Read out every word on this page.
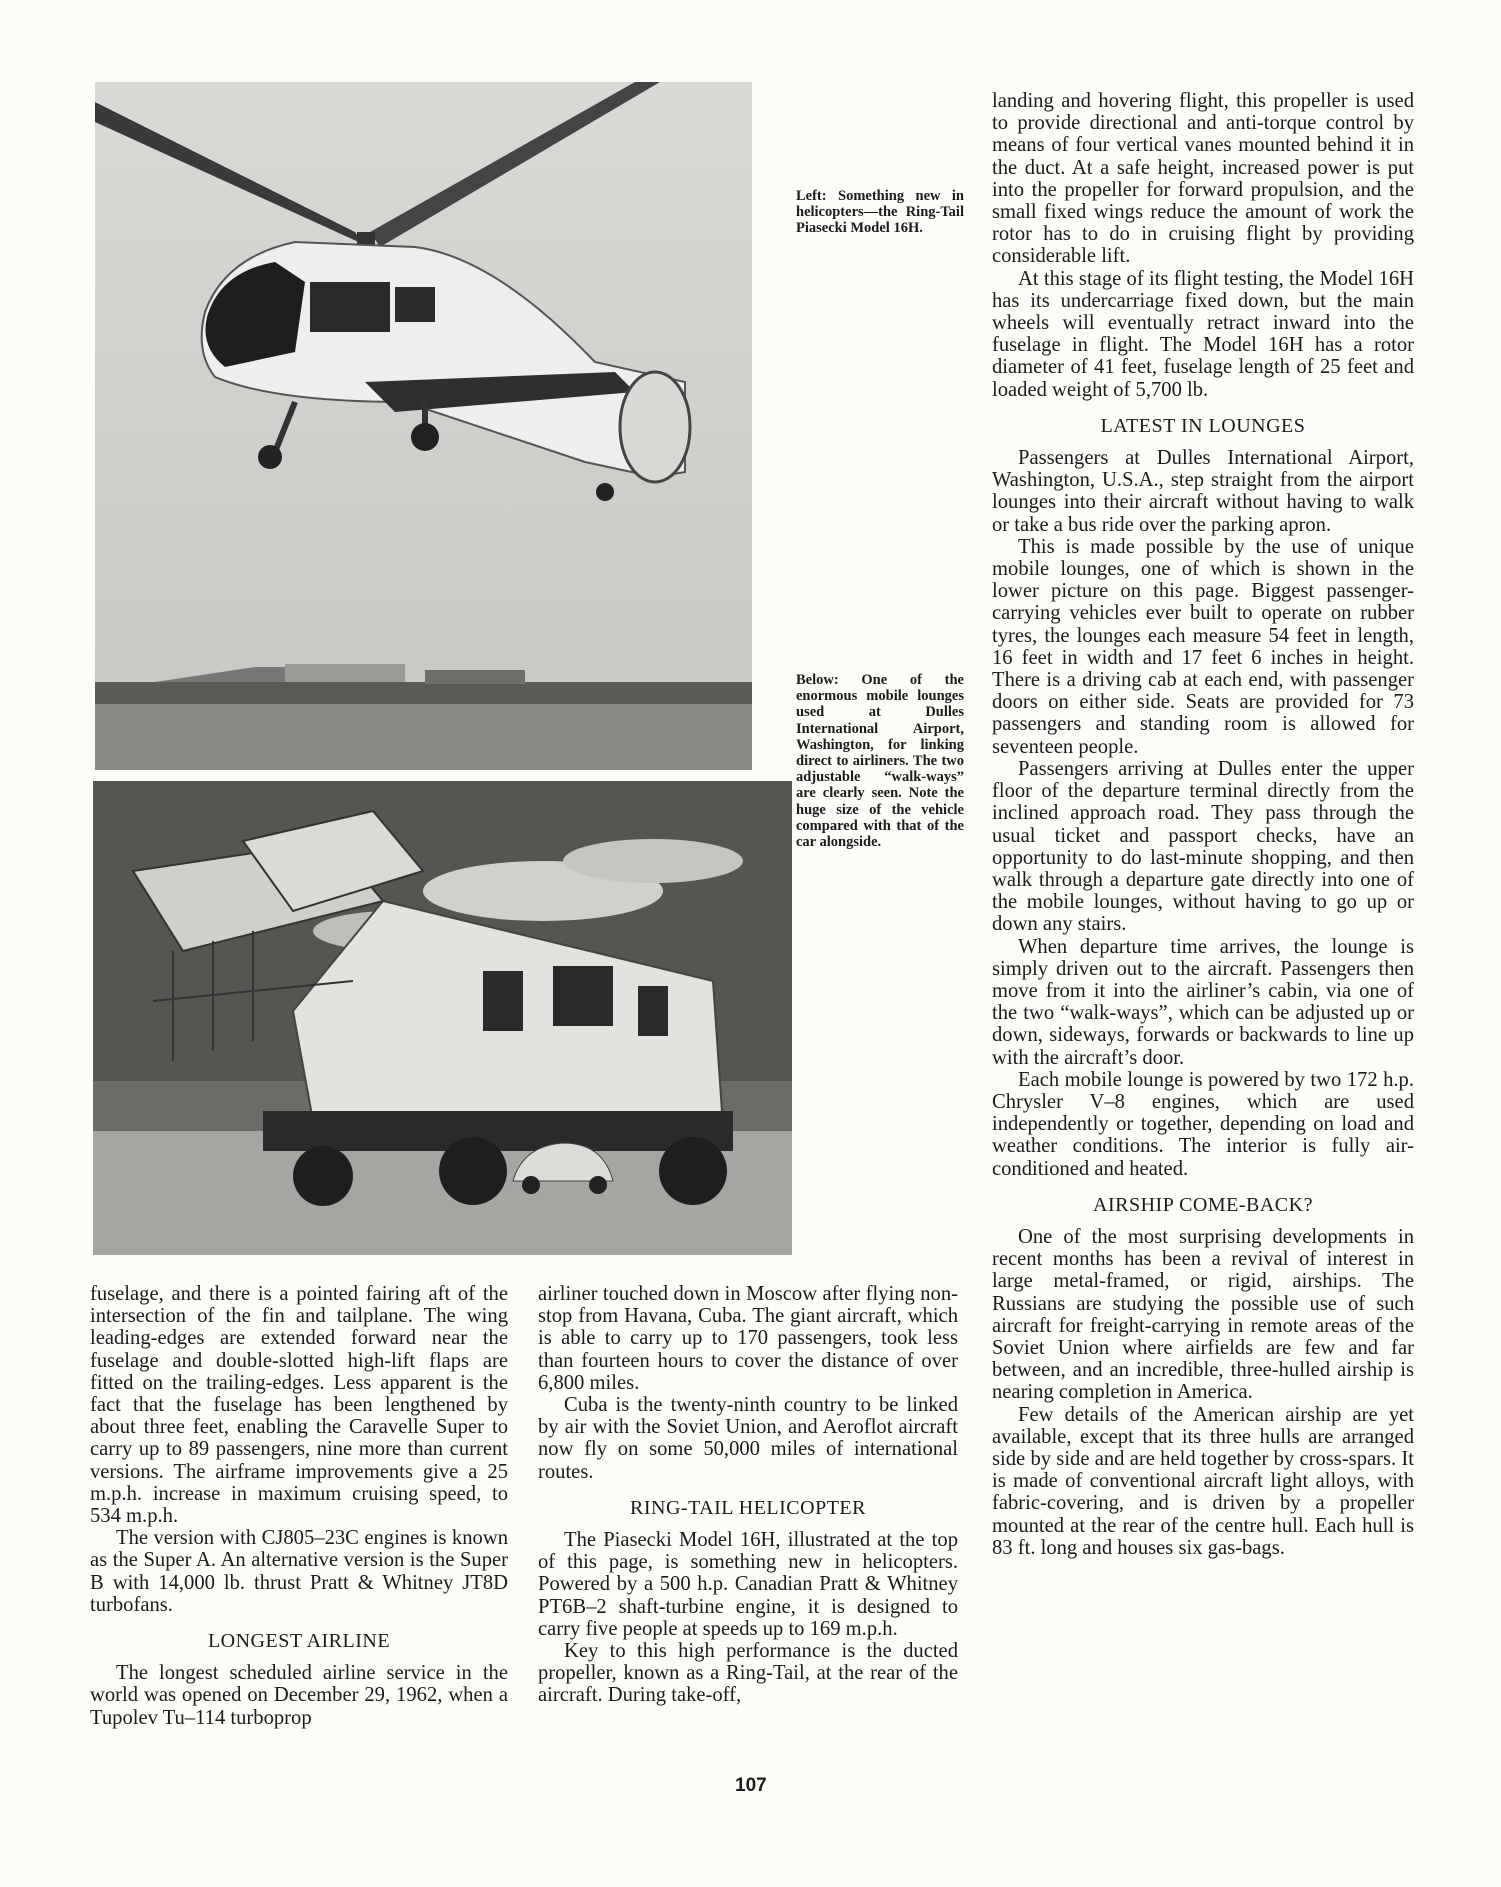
Left: Something new in helicopters—the Ring-Tail Piasecki Model 16H.
Below: One of the enormous mobile lounges used at Dulles International Airport, Washington, for linking direct to airliners. The two adjustable “walk-ways” are clearly seen. Note the huge size of the vehicle compared with that of the car alongside.

fuselage, and there is a pointed fairing aft of the intersection of the fin and tailplane. The wing leading-edges are extended forward near the fuselage and double-slotted high-lift flaps are fitted on the trailing-edges. Less apparent is the fact that the fuselage has been lengthened by about three feet, enabling the Caravelle Super to carry up to 89 passengers, nine more than current versions. The airframe improvements give a 25 m.p.h. increase in maximum cruising speed, to 534 m.p.h.

The version with CJ805–23C engines is known as the Super A. An alternative version is the Super B with 14,000 lb. thrust Pratt & Whitney JT8D turbofans.

LONGEST AIRLINE

The longest scheduled airline service in the world was opened on December 29, 1962, when a Tupolev Tu–114 turboprop

airliner touched down in Moscow after flying non-stop from Havana, Cuba. The giant aircraft, which is able to carry up to 170 passengers, took less than fourteen hours to cover the distance of over 6,800 miles.

Cuba is the twenty-ninth country to be linked by air with the Soviet Union, and Aeroflot aircraft now fly on some 50,000 miles of international routes.

RING-TAIL HELICOPTER

The Piasecki Model 16H, illustrated at the top of this page, is something new in helicopters. Powered by a 500 h.p. Canadian Pratt & Whitney PT6B–2 shaft-turbine engine, it is designed to carry five people at speeds up to 169 m.p.h.

Key to this high performance is the ducted propeller, known as a Ring-Tail, at the rear of the aircraft. During take-off,

landing and hovering flight, this propeller is used to provide directional and anti-torque control by means of four vertical vanes mounted behind it in the duct. At a safe height, increased power is put into the propeller for forward propulsion, and the small fixed wings reduce the amount of work the rotor has to do in cruising flight by providing considerable lift.

At this stage of its flight testing, the Model 16H has its undercarriage fixed down, but the main wheels will eventually retract inward into the fuselage in flight. The Model 16H has a rotor diameter of 41 feet, fuselage length of 25 feet and loaded weight of 5,700 lb.

LATEST IN LOUNGES

Passengers at Dulles International Airport, Washington, U.S.A., step straight from the airport lounges into their aircraft without having to walk or take a bus ride over the parking apron.

This is made possible by the use of unique mobile lounges, one of which is shown in the lower picture on this page. Biggest passenger-carrying vehicles ever built to operate on rubber tyres, the lounges each measure 54 feet in length, 16 feet in width and 17 feet 6 inches in height. There is a driving cab at each end, with passenger doors on either side. Seats are provided for 73 passengers and standing room is allowed for seventeen people.

Passengers arriving at Dulles enter the upper floor of the departure terminal directly from the inclined approach road. They pass through the usual ticket and passport checks, have an opportunity to do last-minute shopping, and then walk through a departure gate directly into one of the mobile lounges, without having to go up or down any stairs.

When departure time arrives, the lounge is simply driven out to the aircraft. Passengers then move from it into the airliner’s cabin, via one of the two “walk-ways”, which can be adjusted up or down, sideways, forwards or backwards to line up with the aircraft’s door.

Each mobile lounge is powered by two 172 h.p. Chrysler V–8 engines, which are used independently or together, depending on load and weather conditions. The interior is fully air-conditioned and heated.

AIRSHIP COME-BACK?

One of the most surprising developments in recent months has been a revival of interest in large metal-framed, or rigid, airships. The Russians are studying the possible use of such aircraft for freight-carrying in remote areas of the Soviet Union where airfields are few and far between, and an incredible, three-hulled airship is nearing completion in America.

Few details of the American airship are yet available, except that its three hulls are arranged side by side and are held together by cross-spars. It is made of conventional aircraft light alloys, with fabric-covering, and is driven by a propeller mounted at the rear of the centre hull. Each hull is 83 ft. long and houses six gas-bags.

107
